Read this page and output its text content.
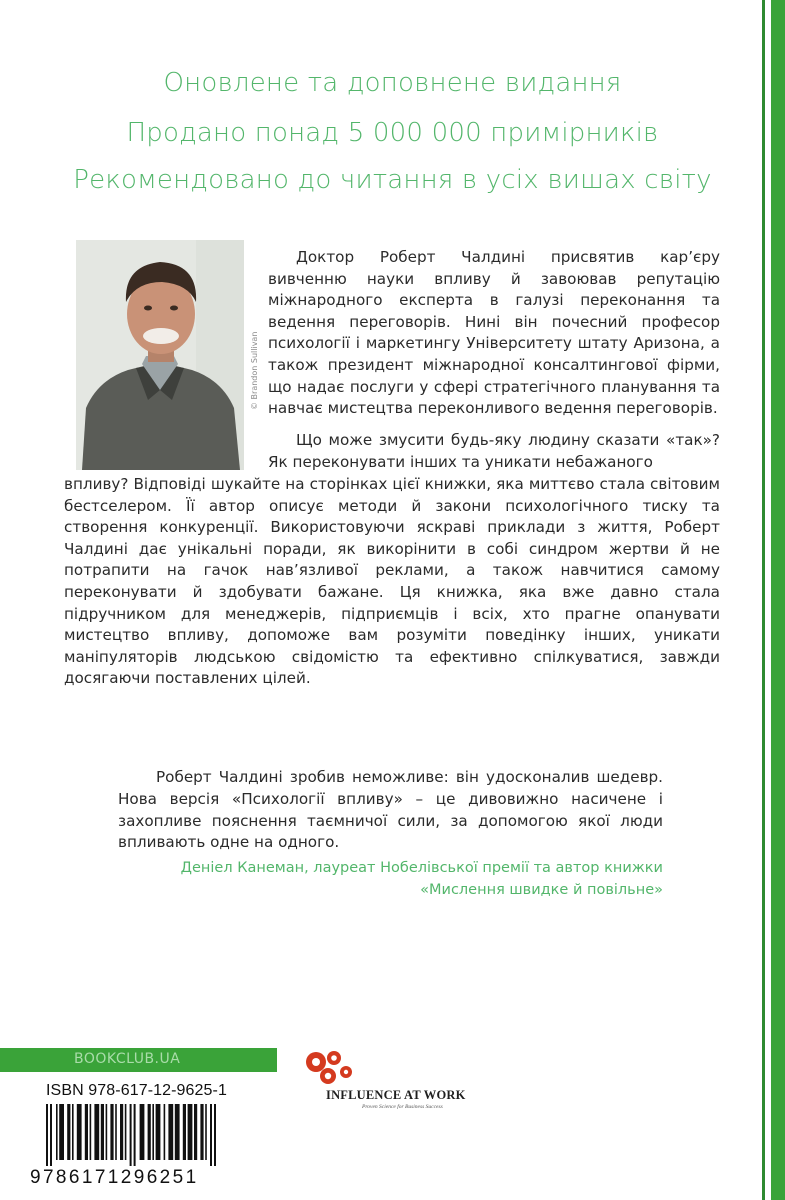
Оновлене та доповнене видання
Продано понад 5 000 000 примірників
Рекомендовано до читання в усіх вишах світу
© Brandon Sullivan
Доктор Роберт Чалдині присвятив кар’єру вивченню науки впливу й завоював репутацію міжнародного експерта в галузі переконання та ведення переговорів. Нині він почесний професор психології і маркетингу Університету штату Аризона, а також президент міжнародної консалтингової фірми, що надає послуги у сфері стратегічного планування та навчає мистецтва переконливого ведення переговорів.
Що може змусити будь-яку людину сказати «так»? Як переконувати інших та уникати небажаного
впливу? Відповіді шукайте на сторінках цієї книжки, яка миттєво стала світовим бестселером. Її автор описує методи й закони психологічного тиску та створення конкуренції. Використовуючи яскраві приклади з життя, Роберт Чалдині дає унікальні поради, як викорінити в собі синдром жертви й не потрапити на гачок нав’язливої реклами, а також навчитися самому переконувати й здобувати бажане. Ця книжка, яка вже давно стала підручником для менеджерів, підприємців і всіх, хто прагне опанувати мистецтво впливу, допоможе вам розуміти поведінку інших, уникати маніпуляторів людською свідомістю та ефективно спілкуватися, завжди досягаючи поставлених цілей.
Роберт Чалдині зробив неможливе: він удосконалив шедевр. Нова версія «Психології впливу» – це дивовижно насичене і захопливе пояснення таємничої сили, за допомогою якої люди впливають одне на одного.
Деніел Канеман, лауреат Нобелівської премії та автор книжки
«Мислення швидке й повільне»
BOOKCLUB.UA
ISBN 978-617-12-9625-1
9786171296251
INFLUENCE AT WORK
Proven Science for Business Success
